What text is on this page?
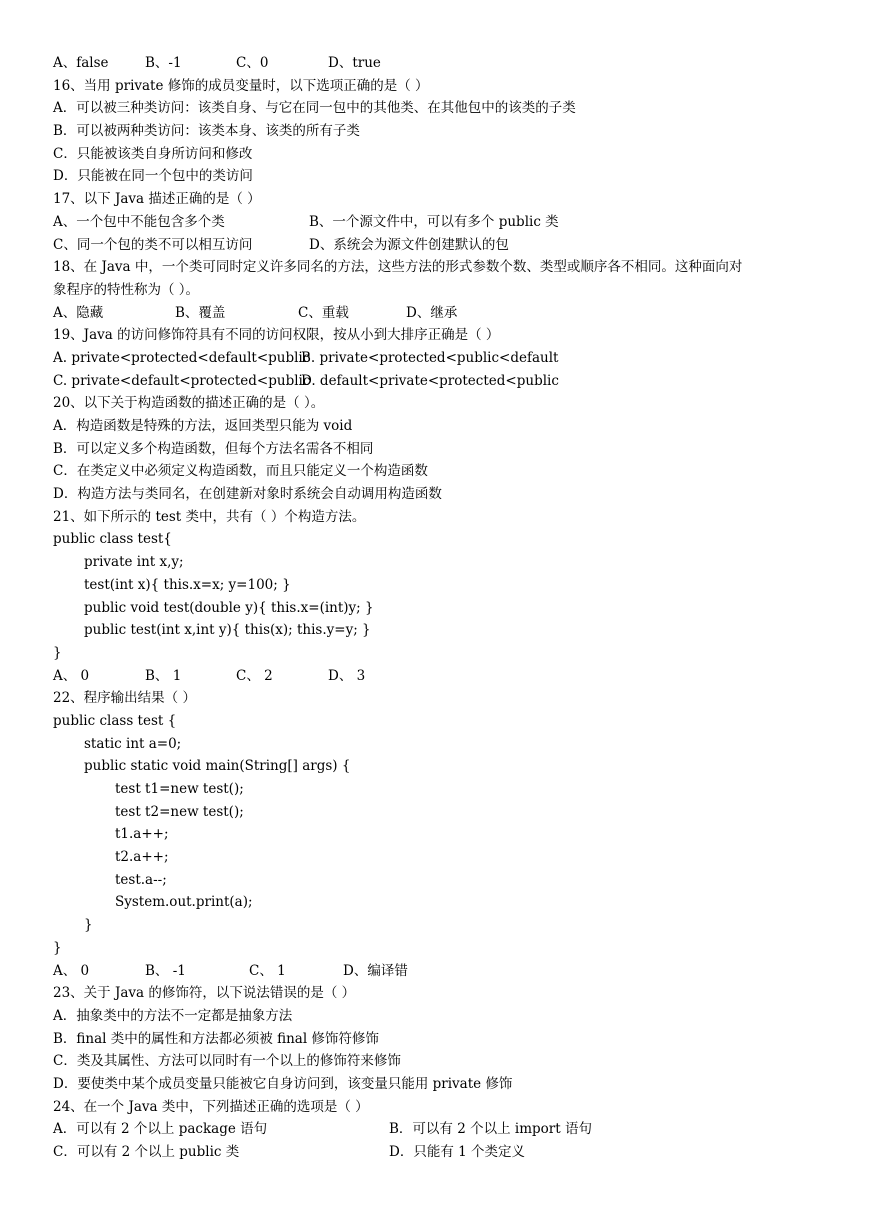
A、false	B、-1	C、0	D、true
16、当用 private 修饰的成员变量时，以下选项正确的是（ ）
A．可以被三种类访问：该类自身、与它在同一包中的其他类、在其他包中的该类的子类
B．可以被两种类访问：该类本身、该类的所有子类
C．只能被该类自身所访问和修改
D．只能被在同一个包中的类访问
17、以下 Java 描述正确的是（ ）
A、一个包中不能包含多个类	B、一个源文件中，可以有多个 public 类
C、同一个包的类不可以相互访问	D、系统会为源文件创建默认的包
18、在 Java 中，一个类可同时定义许多同名的方法，这些方法的形式参数个数、类型或顺序各不相同。这种面向对
象程序的特性称为（ ）。
A、隐藏	B、覆盖	C、重载	D、继承
19、Java 的访问修饰符具有不同的访问权限，按从小到大排序正确是（ ）
A. private<protected<default<public
B. private<protected<public<default
C. private<default<protected<public
D. default<private<protected<public
20、以下关于构造函数的描述正确的是（ ）。
A．构造函数是特殊的方法，返回类型只能为 void
B．可以定义多个构造函数，但每个方法名需各不相同
C．在类定义中必须定义构造函数，而且只能定义一个构造函数
D．构造方法与类同名，在创建新对象时系统会自动调用构造函数
21、如下所示的 test 类中，共有（ ）个构造方法。
public class test{
private int x,y;
test(int x){ this.x=x; y=100; }
public void test(double y){ this.x=(int)y; }
public test(int x,int y){ this(x); this.y=y; }
}
A、 0	B、 1	C、 2	D、 3
22、程序输出结果（ ）
public class test {
static int a=0;
public static void main(String[] args) {
test t1=new test();
test t2=new test();
t1.a++;
t2.a++;
test.a--;
System.out.print(a);
}
}
A、 0	B、 -1	C、 1	D、编译错
23、关于 Java 的修饰符，以下说法错误的是（ ）
A．抽象类中的方法不一定都是抽象方法
B．final 类中的属性和方法都必须被 final 修饰符修饰
C．类及其属性、方法可以同时有一个以上的修饰符来修饰
D．要使类中某个成员变量只能被它自身访问到，该变量只能用 private 修饰
24、在一个 Java 类中，下列描述正确的选项是（ ）
A．可以有 2 个以上 package 语句	B．可以有 2 个以上 import 语句
C．可以有 2 个以上 public 类	D．只能有 1 个类定义
